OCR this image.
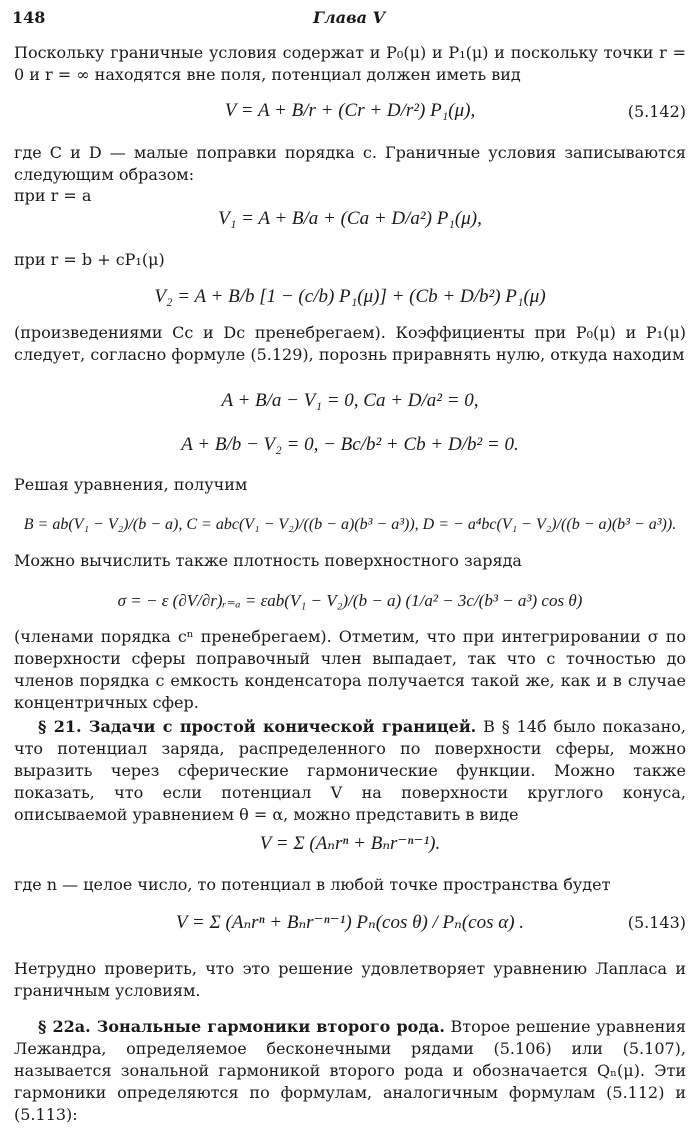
148	Глава V

Поскольку граничные условия содержат и P₀(μ) и P₁(μ) и поскольку точки r = 0 и r = ∞ находятся вне поля, потенциал должен иметь вид

V = A + B/r + (Cr + D/r²) P₁(μ),	(5.142)

где C и D — малые поправки порядка c. Граничные условия записываются следующим образом:

при r = a
V₁ = A + B/a + (Ca + D/a²) P₁(μ),
при r = b + cP₁(μ)
V₂ = A + B/b [1 − (c/b) P₁(μ)] + (Cb + D/b²) P₁(μ)

(произведениями Cc и Dc пренебрегаем). Коэффициенты при P₀(μ) и P₁(μ) следует, согласно формуле (5.129), порознь приравнять нулю, откуда находим

A + B/a − V₁ = 0, Ca + D/a² = 0,
A + B/b − V₂ = 0, − Bc/b² + Cb + D/b² = 0.

Решая уравнения, получим

B = ab(V₁ − V₂)/(b − a), C = abc(V₁ − V₂)/((b − a)(b³ − a³)), D = − a⁴bc(V₁ − V₂)/((b − a)(b³ − a³)).

Можно вычислить также плотность поверхностного заряда

σ = − ε (∂V/∂r)ᵣ₌ₐ = εab(V₁ − V₂)/(b − a) (1/a² − 3c/(b³ − a³) cos θ)

(членами порядка cⁿ пренебрегаем). Отметим, что при интегрировании σ по поверхности сферы поправочный член выпадает, так что с точностью до членов порядка c емкость конденсатора получается такой же, как и в случае концентричных сфер.

§ 21. Задачи с простой конической границей. В § 14б было показано, что потенциал заряда, распределенного по поверхности сферы, можно выразить через сферические гармонические функции. Можно также показать, что если потенциал V на поверхности круглого конуса, описываемой уравнением θ = α, можно представить в виде

V = Σ (Aₙrⁿ + Bₙr⁻ⁿ⁻¹).

где n — целое число, то потенциал в любой точке пространства будет

V = Σ (Aₙrⁿ + Bₙr⁻ⁿ⁻¹) Pₙ(cos θ) / Pₙ(cos α) .	(5.143)

Нетрудно проверить, что это решение удовлетворяет уравнению Лапласа и граничным условиям.

§ 22а. Зональные гармоники второго рода. Второе решение уравнения Лежандра, определяемое бесконечными рядами (5.106) или (5.107), называется зональной гармоникой второго рода и обозначается Qₙ(μ). Эти гармоники определяются по формулам, аналогичным формулам (5.112) и (5.113):
